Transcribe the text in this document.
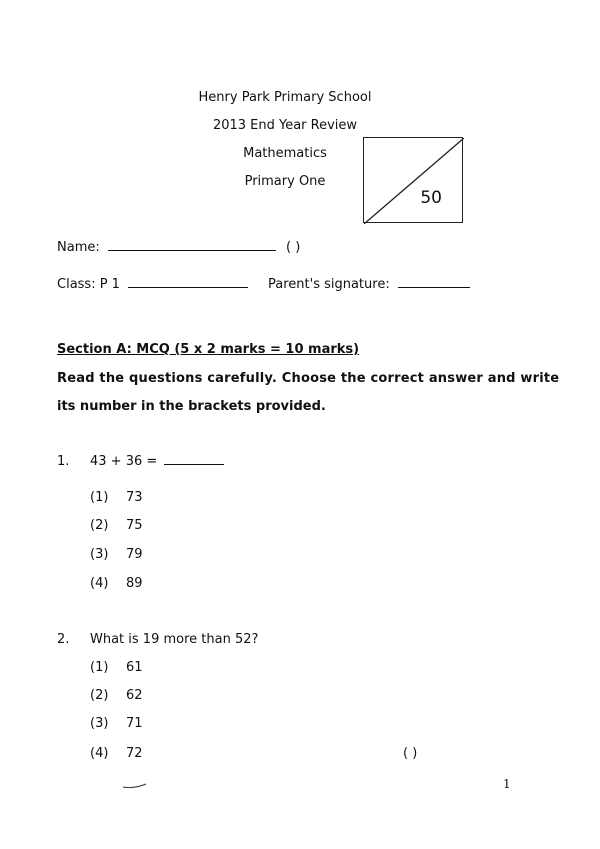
Henry Park Primary School
2013 End Year Review
Mathematics
Primary One
50
Name:	( )
Class: P 1	Parent's signature:
Section A: MCQ (5 x 2 marks = 10 marks)
Read the questions carefully. Choose the correct answer and write
its number in the brackets provided.
1. 43 + 36 =
(1) 73
(2) 75
(3) 79
(4) 89
2. What is 19 more than 52?
(1) 61
(2) 62
(3) 71
(4) 72	( )
1
